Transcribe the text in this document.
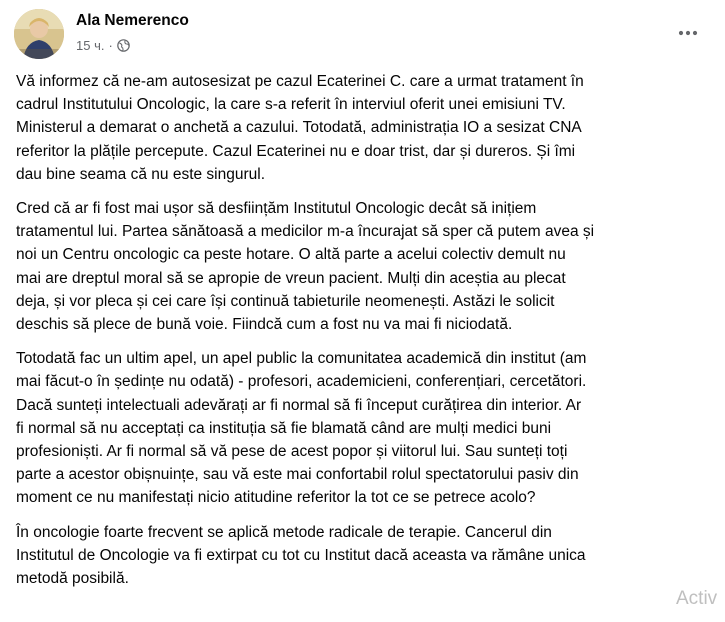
Ala Nemerenco
15 ч. ·

Vă informez că ne-am autosesizat pe cazul Ecaterinei C. care a urmat tratament în
cadrul Institutului Oncologic, la care s-a referit în interviul oferit unei emisiuni TV.
Ministerul a demarat o anchetă a cazului. Totodată, administrația IO a sesizat CNA
referitor la plățile percepute. Cazul Ecaterinei nu e doar trist, dar și dureros. Și îmi
dau bine seama că nu este singurul.

Cred că ar fi fost mai ușor să desființăm Institutul Oncologic decât să inițiem
tratamentul lui. Partea sănătoasă a medicilor m-a încurajat să sper că putem avea și
noi un Centru oncologic ca peste hotare. O altă parte a acelui colectiv demult nu
mai are dreptul moral să se apropie de vreun pacient. Mulți din aceștia au plecat
deja, și vor pleca și cei care își continuă tabieturile neomenești. Astăzi le solicit
deschis să plece de bună voie. Fiindcă cum a fost nu va mai fi niciodată.

Totodată fac un ultim apel, un apel public la comunitatea academică din institut (am
mai făcut-o în ședințe nu odată) - profesori, academicieni, conferențiari, cercetători.
Dacă sunteți intelectuali adevărați ar fi normal să fi început curățirea din interior. Ar
fi normal să nu acceptați ca instituția să fie blamată când are mulți medici buni
profesioniști. Ar fi normal să vă pese de acest popor și viitorul lui. Sau sunteți toți
parte a acestor obișnuințe, sau vă este mai confortabil rolul spectatorului pasiv din
moment ce nu manifestați nicio atitudine referitor la tot ce se petrece acolo?

În oncologie foarte frecvent se aplică metode radicale de terapie. Cancerul din
Institutul de Oncologie va fi extirpat cu tot cu Institut dacă aceasta va rămâne unica
metodă posibilă.

Activ
